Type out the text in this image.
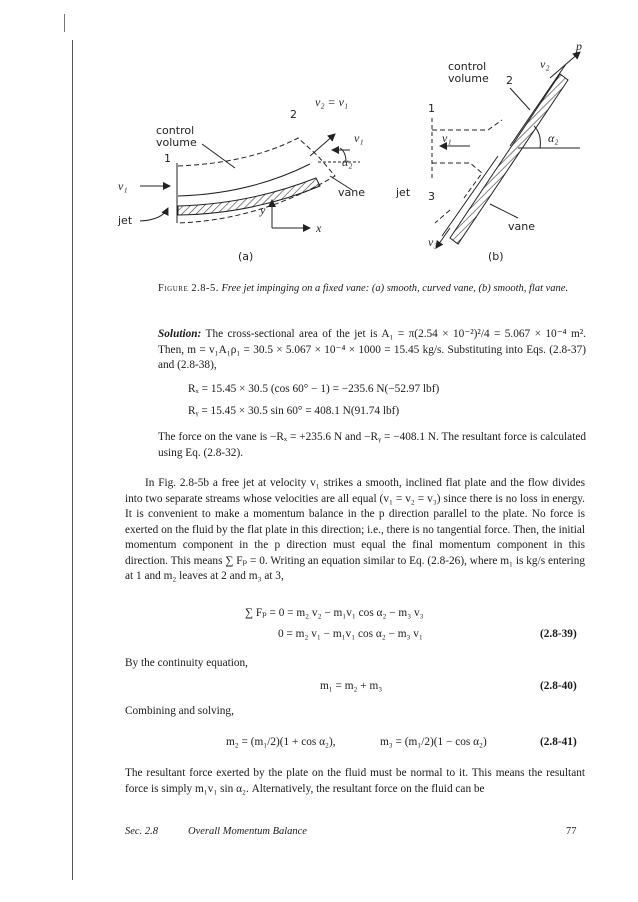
control
volume
v₂ = v₁
2
1
v₁
v₁
α₂
jet
vane
y
x
(a)
control
volume 2
v₂
p
1
α₂
v₁
jet 3
vane
v₃
(b)
Figure 2.8-5. Free jet impinging on a fixed vane: (a) smooth, curved vane, (b) smooth, flat vane.
Solution: The cross-sectional area of the jet is A₁ = π(2.54 × 10⁻²)²/4 = 5.067 × 10⁻⁴ m². Then, m = v₁A₁ρ₁ = 30.5 × 5.067 × 10⁻⁴ × 1000 = 15.45 kg/s. Substituting into Eqs. (2.8-37) and (2.8-38),
Rₓ = 15.45 × 30.5 (cos 60° − 1) = −235.6 N(−52.97 lbf)
Rᵧ = 15.45 × 30.5 sin 60° = 408.1 N(91.74 lbf)
The force on the vane is −Rₓ = +235.6 N and −Rᵧ = −408.1 N. The resultant force is calculated using Eq. (2.8-32).
In Fig. 2.8-5b a free jet at velocity v₁ strikes a smooth, inclined flat plate and the flow divides into two separate streams whose velocities are all equal (v₁ = v₂ = v₃) since there is no loss in energy. It is convenient to make a momentum balance in the p direction parallel to the plate. No force is exerted on the fluid by the flat plate in this direction; i.e., there is no tangential force. Then, the initial momentum component in the p direction must equal the final momentum component in this direction. This means ∑ Fₚ = 0. Writing an equation similar to Eq. (2.8-26), where m₁ is kg/s entering at 1 and m₂ leaves at 2 and m₃ at 3,
∑ Fₚ = 0 = m₂ v₂ − m₁v₁ cos α₂ − m₃ v₃
0 = m₂ v₁ − m₁v₁ cos α₂ − m₃ v₁	(2.8-39)
By the continuity equation,
m₁ = m₂ + m₃	(2.8-40)
Combining and solving,
m₂ = (m₁/2)(1 + cos α₂),	m₃ = (m₁/2)(1 − cos α₂)	(2.8-41)
The resultant force exerted by the plate on the fluid must be normal to it. This means the resultant force is simply m₁v₁ sin α₂. Alternatively, the resultant force on the fluid can be
Sec. 2.8	Overall Momentum Balance	77
